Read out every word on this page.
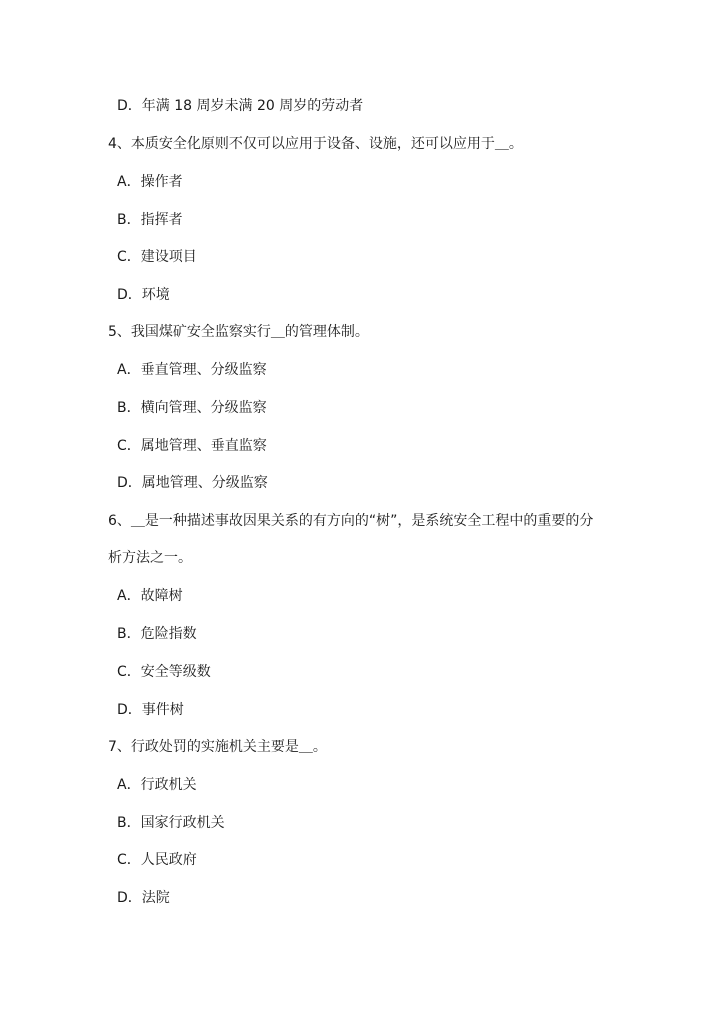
D．年满 18 周岁未满 20 周岁的劳动者
4、本质安全化原则不仅可以应用于设备、设施，还可以应用于＿。
A．操作者
B．指挥者
C．建设项目
D．环境
5、我国煤矿安全监察实行＿的管理体制。
A．垂直管理、分级监察
B．横向管理、分级监察
C．属地管理、垂直监察
D．属地管理、分级监察
6、＿是一种描述事故因果关系的有方向的“树”，是系统安全工程中的重要的分
析方法之一。
A．故障树
B．危险指数
C．安全等级数
D．事件树
7、行政处罚的实施机关主要是＿。
A．行政机关
B．国家行政机关
C．人民政府
D．法院
